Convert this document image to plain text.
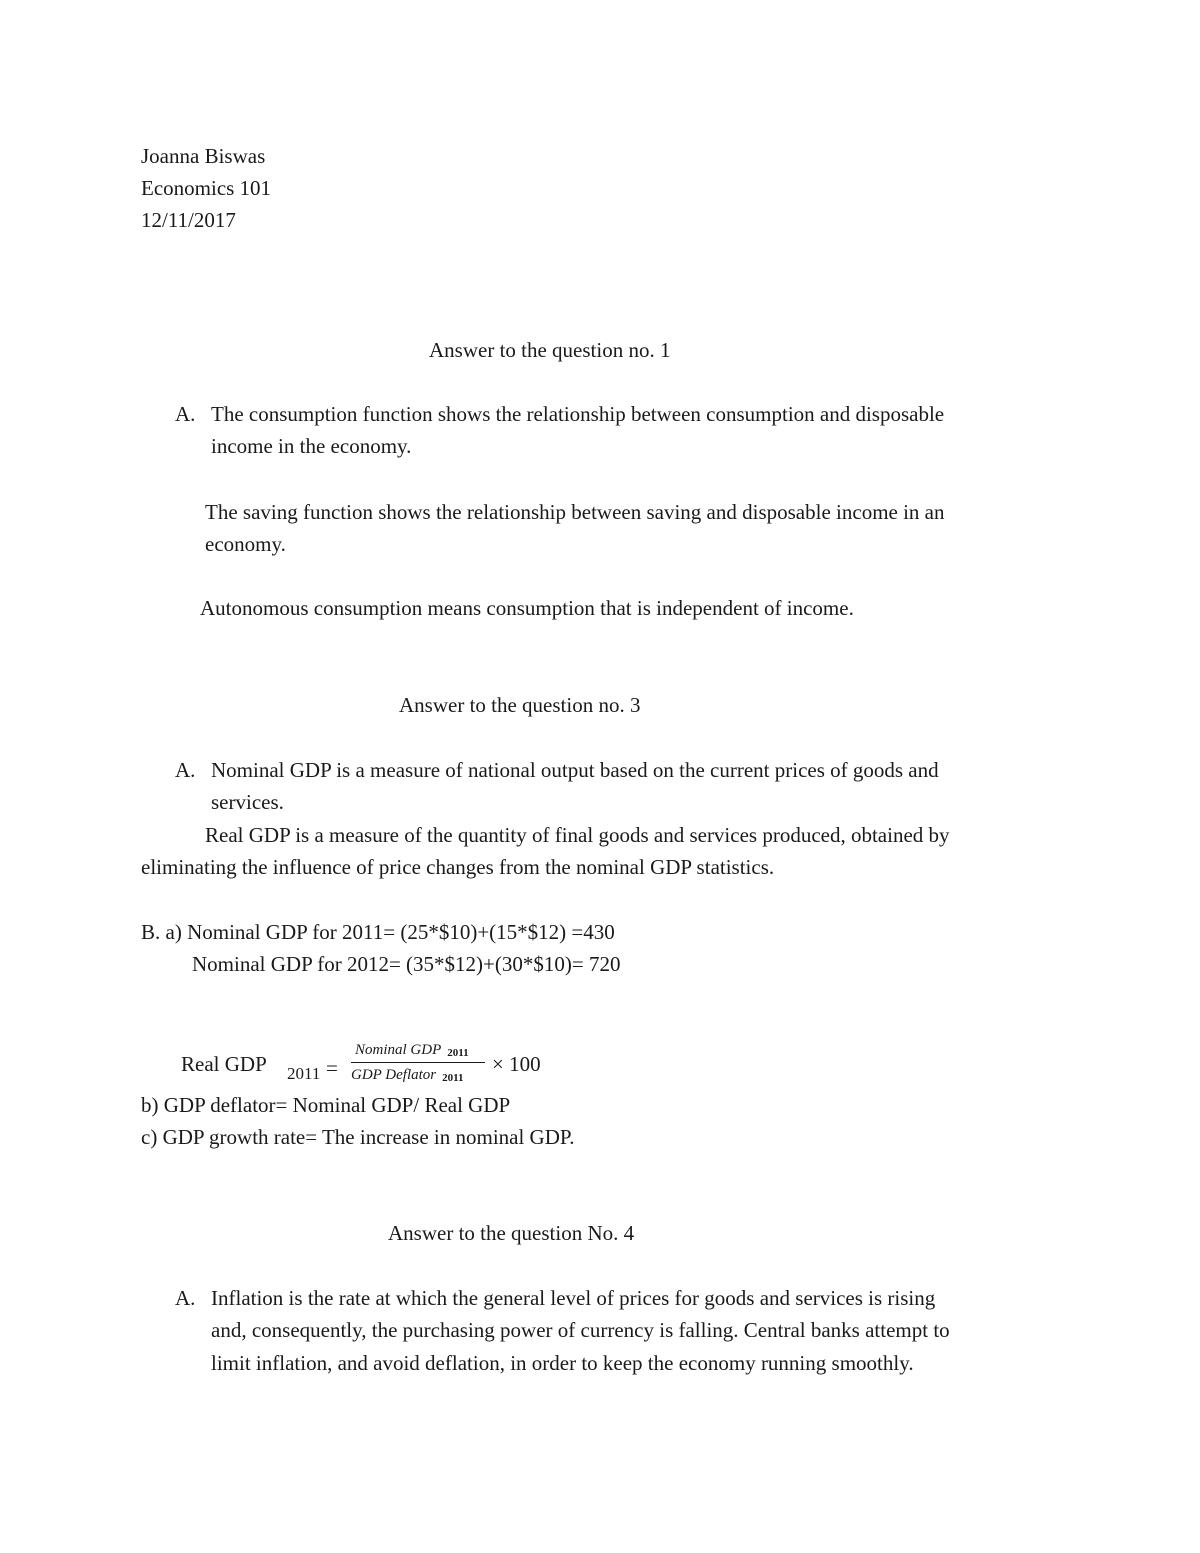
Joanna Biswas
Economics 101
12/11/2017
Answer to the question no. 1
A. The consumption function shows the relationship between consumption and disposable
income in the economy.
The saving function shows the relationship between saving and disposable income in an
economy.
Autonomous consumption means consumption that is independent of income.
Answer to the question no. 3
A. Nominal GDP is a measure of national output based on the current prices of goods and
services.
Real GDP is a measure of the quantity of final goods and services produced, obtained by
eliminating the influence of price changes from the nominal GDP statistics.
B. a) Nominal GDP for 2011= (25*$10)+(15*$12) =430
Nominal GDP for 2012= (35*$12)+(30*$10)= 720
Real GDP 2011 =
Nominal GDP 2011
GDP Deflator 2011
× 100
b) GDP deflator= Nominal GDP/ Real GDP
c) GDP growth rate= The increase in nominal GDP.
Answer to the question No. 4
A. Inflation is the rate at which the general level of prices for goods and services is rising
and, consequently, the purchasing power of currency is falling. Central banks attempt to
limit inflation, and avoid deflation, in order to keep the economy running smoothly.
